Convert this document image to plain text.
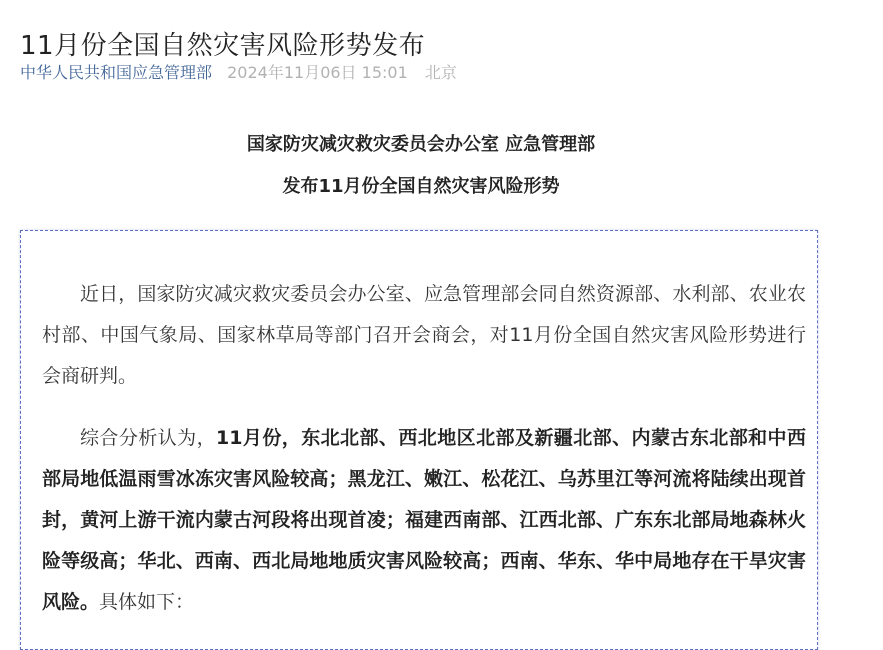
11月份全国自然灾害风险形势发布
中华人民共和国应急管理部 2024年11月06日 15:01 北京
国家防灾减灾救灾委员会办公室 应急管理部
发布11月份全国自然灾害风险形势

近日，国家防灾减灾救灾委员会办公室、应急管理部会同自然资源部、水利部、农业农村部、中国气象局、国家林草局等部门召开会商会，对11月份全国自然灾害风险形势进行会商研判。

综合分析认为，11月份，东北北部、西北地区北部及新疆北部、内蒙古东北部和中西部局地低温雨雪冰冻灾害风险较高；黑龙江、嫩江、松花江、乌苏里江等河流将陆续出现首封，黄河上游干流内蒙古河段将出现首凌；福建西南部、江西北部、广东东北部局地森林火险等级高；华北、西南、西北局地地质灾害风险较高；西南、华东、华中局地存在干旱灾害风险。具体如下：
